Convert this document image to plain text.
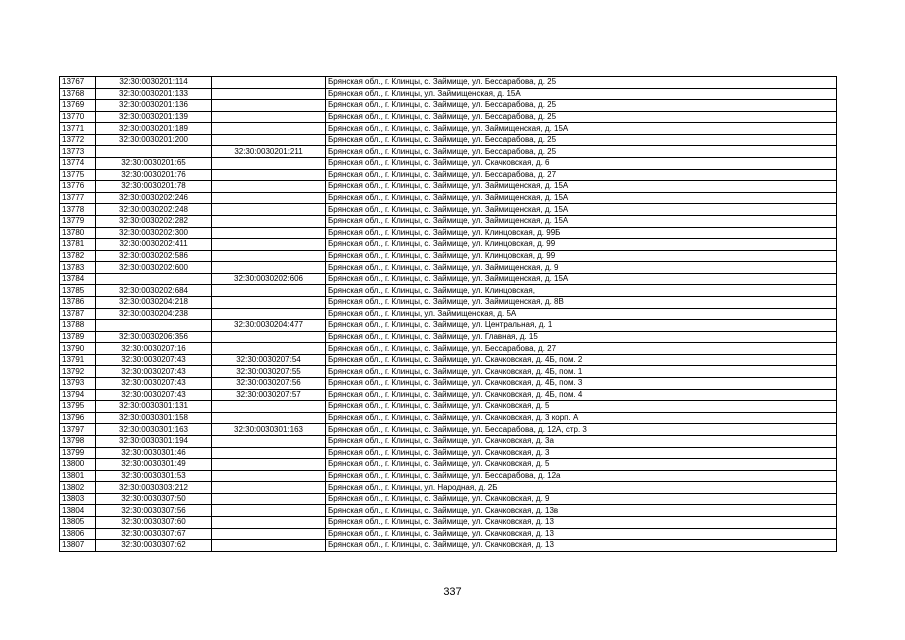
13767	32:30:0030201:114		Брянская обл., г. Клинцы, с. Займище, ул. Бессарабова, д. 25
13768	32:30:0030201:133		Брянская обл., г. Клинцы, ул. Займищенская, д. 15А
13769	32:30:0030201:136		Брянская обл., г. Клинцы, с. Займище, ул. Бессарабова, д. 25
13770	32:30:0030201:139		Брянская обл., г. Клинцы, с. Займище, ул. Бессарабова, д. 25
13771	32:30:0030201:189		Брянская обл., г. Клинцы, с. Займище, ул. Займищенская, д. 15А
13772	32:30:0030201:200		Брянская обл., г. Клинцы, с. Займище, ул. Бессарабова, д. 25
13773		32:30:0030201:211	Брянская обл., г. Клинцы, с. Займище, ул. Бессарабова, д. 25
13774	32:30:0030201:65		Брянская обл., г. Клинцы, с. Займище, ул. Скачковская, д. 6
13775	32:30:0030201:76		Брянская обл., г. Клинцы, с. Займище, ул. Бессарабова, д. 27
13776	32:30:0030201:78		Брянская обл., г. Клинцы, с. Займище, ул. Займищенская, д. 15А
13777	32:30:0030202:246		Брянская обл., г. Клинцы, с. Займище, ул. Займищенская, д. 15А
13778	32:30:0030202:248		Брянская обл., г. Клинцы, с. Займище, ул. Займищенская, д. 15А
13779	32:30:0030202:282		Брянская обл., г. Клинцы, с. Займище, ул. Займищенская, д. 15А
13780	32:30:0030202:300		Брянская обл., г. Клинцы, с. Займище, ул. Клинцовская, д. 99Б
13781	32:30:0030202:411		Брянская обл., г. Клинцы, с. Займище, ул. Клинцовская, д. 99
13782	32:30:0030202:586		Брянская обл., г. Клинцы, с. Займище, ул. Клинцовская, д. 99
13783	32:30:0030202:600		Брянская обл., г. Клинцы, с. Займище, ул. Займищенская, д. 9
13784		32:30:0030202:606	Брянская обл., г. Клинцы, с. Займище, ул. Займищенская, д. 15А
13785	32:30:0030202:684		Брянская обл., г. Клинцы, с. Займище, ул. Клинцовская,
13786	32:30:0030204:218		Брянская обл., г. Клинцы, с. Займище, ул. Займищенская, д. 8В
13787	32:30:0030204:238		Брянская обл., г. Клинцы, ул. Займищенская, д. 5А
13788		32:30:0030204:477	Брянская обл., г. Клинцы, с. Займище, ул. Центральная, д. 1
13789	32:30:0030206:356		Брянская обл., г. Клинцы, с. Займище, ул. Главная, д. 15
13790	32:30:0030207:16		Брянская обл., г. Клинцы, с. Займище, ул. Бессарабова, д. 27
13791	32:30:0030207:43	32:30:0030207:54	Брянская обл., г. Клинцы, с. Займище, ул. Скачковская, д. 4Б, пом. 2
13792	32:30:0030207:43	32:30:0030207:55	Брянская обл., г. Клинцы, с. Займище, ул. Скачковская, д. 4Б, пом. 1
13793	32:30:0030207:43	32:30:0030207:56	Брянская обл., г. Клинцы, с. Займище, ул. Скачковская, д. 4Б, пом. 3
13794	32:30:0030207:43	32:30:0030207:57	Брянская обл., г. Клинцы, с. Займище, ул. Скачковская, д. 4Б, пом. 4
13795	32:30:0030301:131		Брянская обл., г. Клинцы, с. Займище, ул. Скачковская, д. 5
13796	32:30:0030301:158		Брянская обл., г. Клинцы, с. Займище, ул. Скачковская, д. 3 корп. А
13797	32:30:0030301:163	32:30:0030301:163	Брянская обл., г. Клинцы, с. Займище, ул. Бессарабова, д. 12А, стр. 3
13798	32:30:0030301:194		Брянская обл., г. Клинцы, с. Займище, ул. Скачковская, д. 3а
13799	32:30:0030301:46		Брянская обл., г. Клинцы, с. Займище, ул. Скачковская, д. 3
13800	32:30:0030301:49		Брянская обл., г. Клинцы, с. Займище, ул. Скачковская, д. 5
13801	32:30:0030301:53		Брянская обл., г. Клинцы, с. Займище, ул. Бессарабова, д. 12а
13802	32:30:0030303:212		Брянская обл., г. Клинцы, ул. Народная, д. 2Б
13803	32:30:0030307:50		Брянская обл., г. Клинцы, с. Займище, ул. Скачковская, д. 9
13804	32:30:0030307:56		Брянская обл., г. Клинцы, с. Займище, ул. Скачковская, д. 13в
13805	32:30:0030307:60		Брянская обл., г. Клинцы, с. Займище, ул. Скачковская, д. 13
13806	32:30:0030307:67		Брянская обл., г. Клинцы, с. Займище, ул. Скачковская, д. 13
13807	32:30:0030307:62		Брянская обл., г. Клинцы, с. Займище, ул. Скачковская, д. 13
337
